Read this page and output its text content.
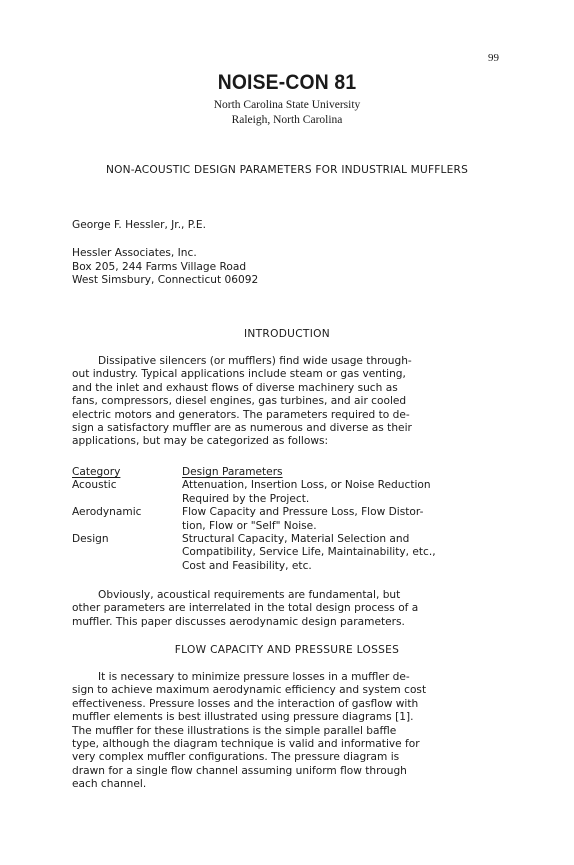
99
NOISE-CON 81
North Carolina State University
Raleigh, North Carolina
NON-ACOUSTIC DESIGN PARAMETERS FOR INDUSTRIAL MUFFLERS
George F. Hessler, Jr., P.E.
Hessler Associates, Inc.
Box 205, 244 Farms Village Road
West Simsbury, Connecticut 06092
INTRODUCTION
Dissipative silencers (or mufflers) find wide usage through-
out industry. Typical applications include steam or gas venting,
and the inlet and exhaust flows of diverse machinery such as
fans, compressors, diesel engines, gas turbines, and air cooled
electric motors and generators. The parameters required to de-
sign a satisfactory muffler are as numerous and diverse as their
applications, but may be categorized as follows:
Category	Design Parameters
Acoustic	Attenuation, Insertion Loss, or Noise Reduction
Required by the Project.
Aerodynamic	Flow Capacity and Pressure Loss, Flow Distor-
tion, Flow or "Self" Noise.
Design	Structural Capacity, Material Selection and
Compatibility, Service Life, Maintainability, etc.,
Cost and Feasibility, etc.
Obviously, acoustical requirements are fundamental, but
other parameters are interrelated in the total design process of a
muffler. This paper discusses aerodynamic design parameters.
FLOW CAPACITY AND PRESSURE LOSSES
It is necessary to minimize pressure losses in a muffler de-
sign to achieve maximum aerodynamic efficiency and system cost
effectiveness. Pressure losses and the interaction of gasflow with
muffler elements is best illustrated using pressure diagrams [1].
The muffler for these illustrations is the simple parallel baffle
type, although the diagram technique is valid and informative for
very complex muffler configurations. The pressure diagram is
drawn for a single flow channel assuming uniform flow through
each channel.
